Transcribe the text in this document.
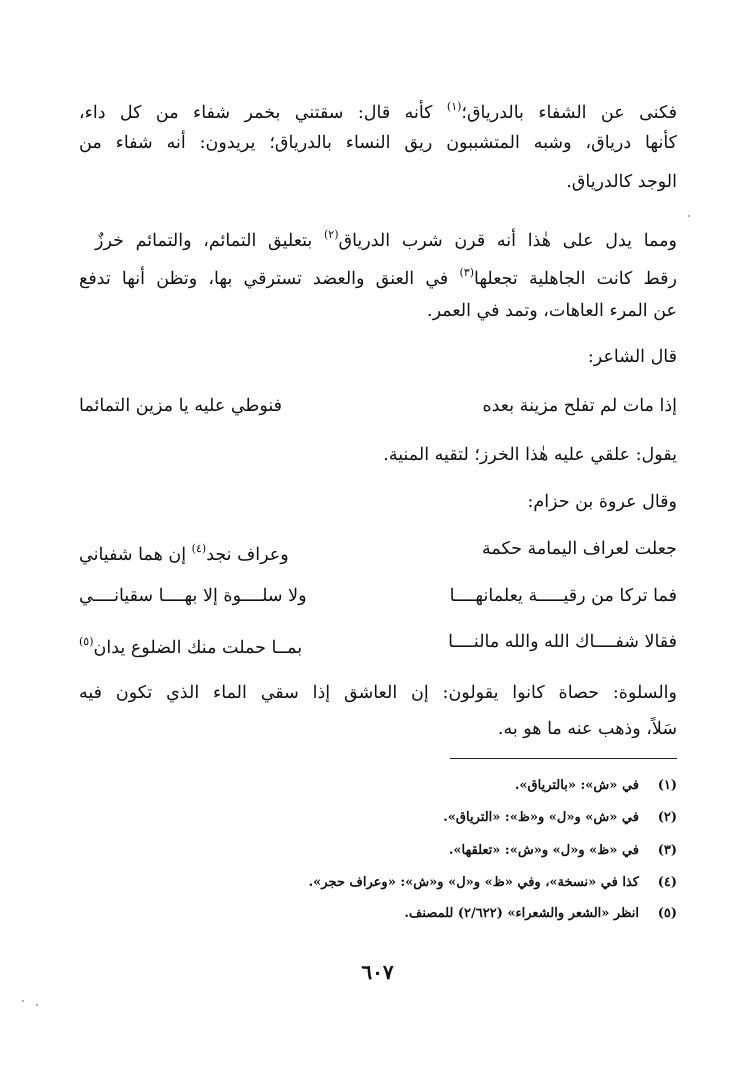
فكنى عن الشفاء بالدرياق؛$^{(١)}$ كأنه قال: سقتني بخمر شفاء من كل داء،
كأنها درياق، وشبه المتشببون ريق النساء بالدرياق؛ يريدون: أنه شفاء من
الوجد كالدرياق.
ومما يدل على هٰذا أنه قرن شرب الدرياق$^{(٢)}$ بتعليق التمائم، والتمائم خرزٌ
رقط كانت الجاهلية تجعلها$^{(٣)}$ في العنق والعضد تسترقي بها، وتظن أنها تدفع
عن المرء العاهات، وتمد في العمر.
قال الشاعر:
إذا مات لم تفلح مزينة بعده
فنوطي عليه يا مزين التمائما
يقول: علقي عليه هٰذا الخرز؛ لتقيه المنية.
وقال عروة بن حزام:
جعلت لعراف اليمامة حكمة
وعراف نجد$^{(٤)}$ إن هما شفياني
فما تركا من رقيـــــة يعلمانهــــا
ولا سلــــوة إلا بهــــا سقيانــــي
فقالا شفــــاك الله والله مالنــــا
بمــا حملت منك الضلوع يدان$^{(٥)}$
والسلوة: حصاة كانوا يقولون: إن العاشق إذا سقي الماء الذي تكون فيه
سَلاً، وذهب عنه ما هو به.
(١)في «ش»: «بالترياق».
(٢)في «ش» و«ل» و«ظ»: «الترياق».
(٣)في «ظ» و«ل» و«ش»: «تعلقها».
(٤)كذا في «نسخة»، وفي «ظ» و«ل» و«ش»: «وعراف حجر».
(٥)انظر «الشعر والشعراء» (٢/٦٢٢) للمصنف.
٦٠٧
